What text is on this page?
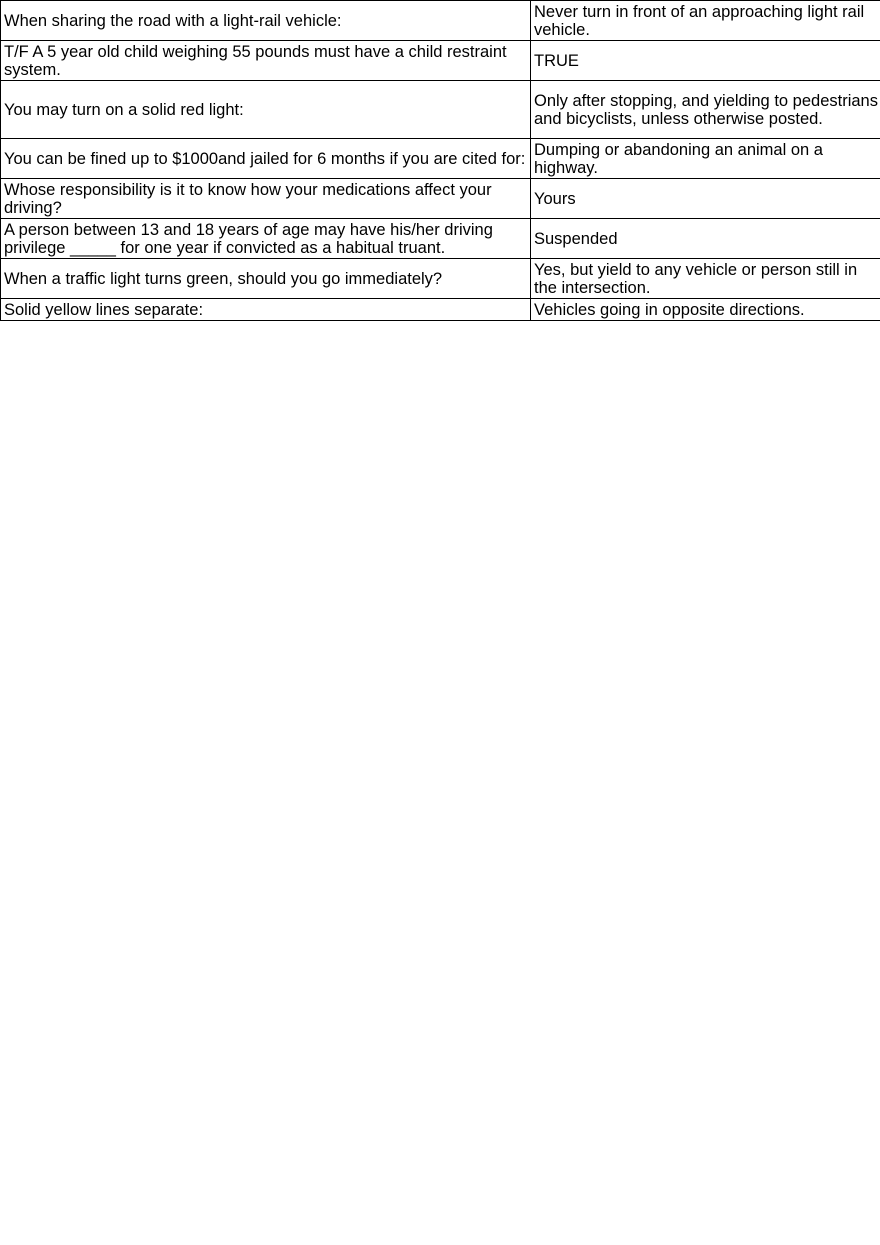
When sharing the road with a light-rail vehicle:	Never turn in front of an approaching light rail vehicle.
T/F A 5 year old child weighing 55 pounds must have a child restraint system.	TRUE
You may turn on a solid red light:	Only after stopping, and yielding to pedestrians and bicyclists, unless otherwise posted.
You can be fined up to $1000and jailed for 6 months if you are cited for:	Dumping or abandoning an animal on a highway.
Whose responsibility is it to know how your medications affect your driving?	Yours
A person between 13 and 18 years of age may have his/her driving privilege _____ for one year if convicted as a habitual truant.	Suspended
When a traffic light turns green, should you go immediately?	Yes, but yield to any vehicle or person still in the intersection.
Solid yellow lines separate:	Vehicles going in opposite directions.
